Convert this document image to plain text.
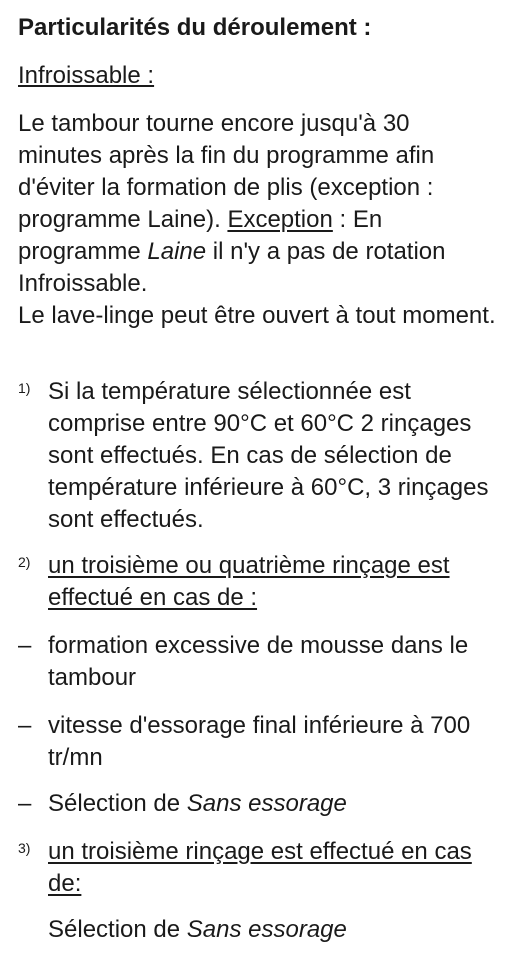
Particularités du déroulement :
Infroissable :
Le tambour tourne encore jusqu'à 30 minutes après la fin du programme afin d'éviter la formation de plis (exception : programme Laine). Exception : En programme Laine il n'y a pas de rotation Infroissable.
Le lave-linge peut être ouvert à tout moment.
$^{1)}$ Si la température sélectionnée est comprise entre 90°C et 60°C 2 rinçages sont effectués. En cas de sélection de température inférieure à 60°C, 3 rinçages sont effectués.
$^{2)}$ un troisième ou quatrième rinçage est effectué en cas de :
– formation excessive de mousse dans le tambour
– vitesse d'essorage final inférieure à 700 tr/mn
– Sélection de Sans essorage
$^{3)}$ un troisième rinçage est effectué en cas de:
Sélection de Sans essorage
